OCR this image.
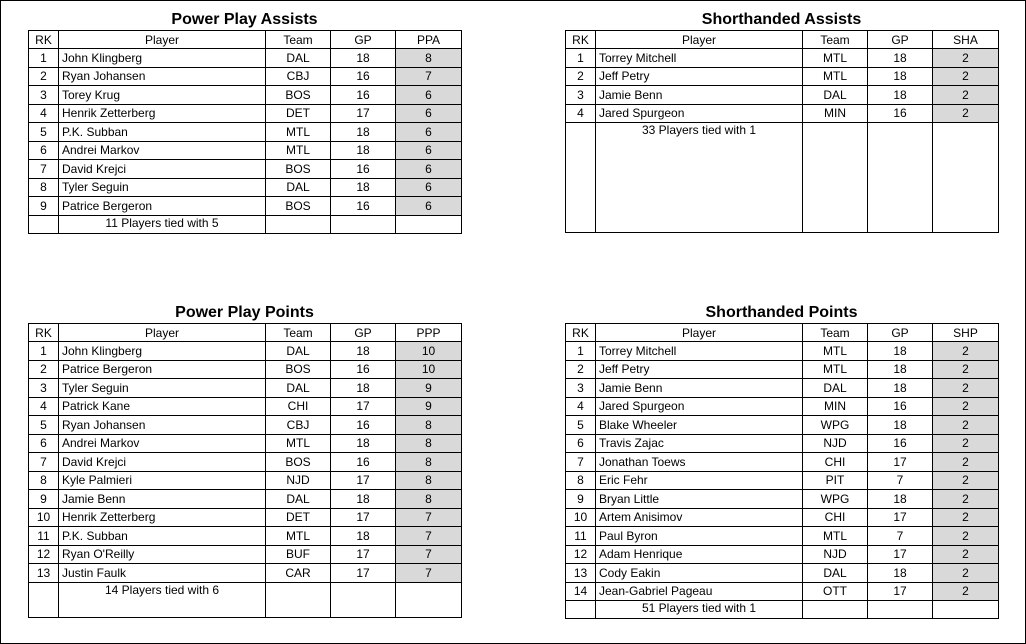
Power Play Assists
RK	Player	Team	GP	PPA
1	John Klingberg	DAL	18	8
2	Ryan Johansen	CBJ	16	7
3	Torey Krug	BOS	16	6
4	Henrik Zetterberg	DET	17	6
5	P.K. Subban	MTL	18	6
6	Andrei Markov	MTL	18	6
7	David Krejci	BOS	16	6
8	Tyler Seguin	DAL	18	6
9	Patrice Bergeron	BOS	16	6
	11 Players tied with 5			
Shorthanded Assists
RK	Player	Team	GP	SHA
1	Torrey Mitchell	MTL	18	2
2	Jeff Petry	MTL	18	2
3	Jamie Benn	DAL	18	2
4	Jared Spurgeon	MIN	16	2
	33 Players tied with 1			
Power Play Points
RK	Player	Team	GP	PPP
1	John Klingberg	DAL	18	10
2	Patrice Bergeron	BOS	16	10
3	Tyler Seguin	DAL	18	9
4	Patrick Kane	CHI	17	9
5	Ryan Johansen	CBJ	16	8
6	Andrei Markov	MTL	18	8
7	David Krejci	BOS	16	8
8	Kyle Palmieri	NJD	17	8
9	Jamie Benn	DAL	18	8
10	Henrik Zetterberg	DET	17	7
11	P.K. Subban	MTL	18	7
12	Ryan O'Reilly	BUF	17	7
13	Justin Faulk	CAR	17	7
	14 Players tied with 6			
Shorthanded Points
RK	Player	Team	GP	SHP
1	Torrey Mitchell	MTL	18	2
2	Jeff Petry	MTL	18	2
3	Jamie Benn	DAL	18	2
4	Jared Spurgeon	MIN	16	2
5	Blake Wheeler	WPG	18	2
6	Travis Zajac	NJD	16	2
7	Jonathan Toews	CHI	17	2
8	Eric Fehr	PIT	7	2
9	Bryan Little	WPG	18	2
10	Artem Anisimov	CHI	17	2
11	Paul Byron	MTL	7	2
12	Adam Henrique	NJD	17	2
13	Cody Eakin	DAL	18	2
14	Jean-Gabriel Pageau	OTT	17	2
	51 Players tied with 1			
